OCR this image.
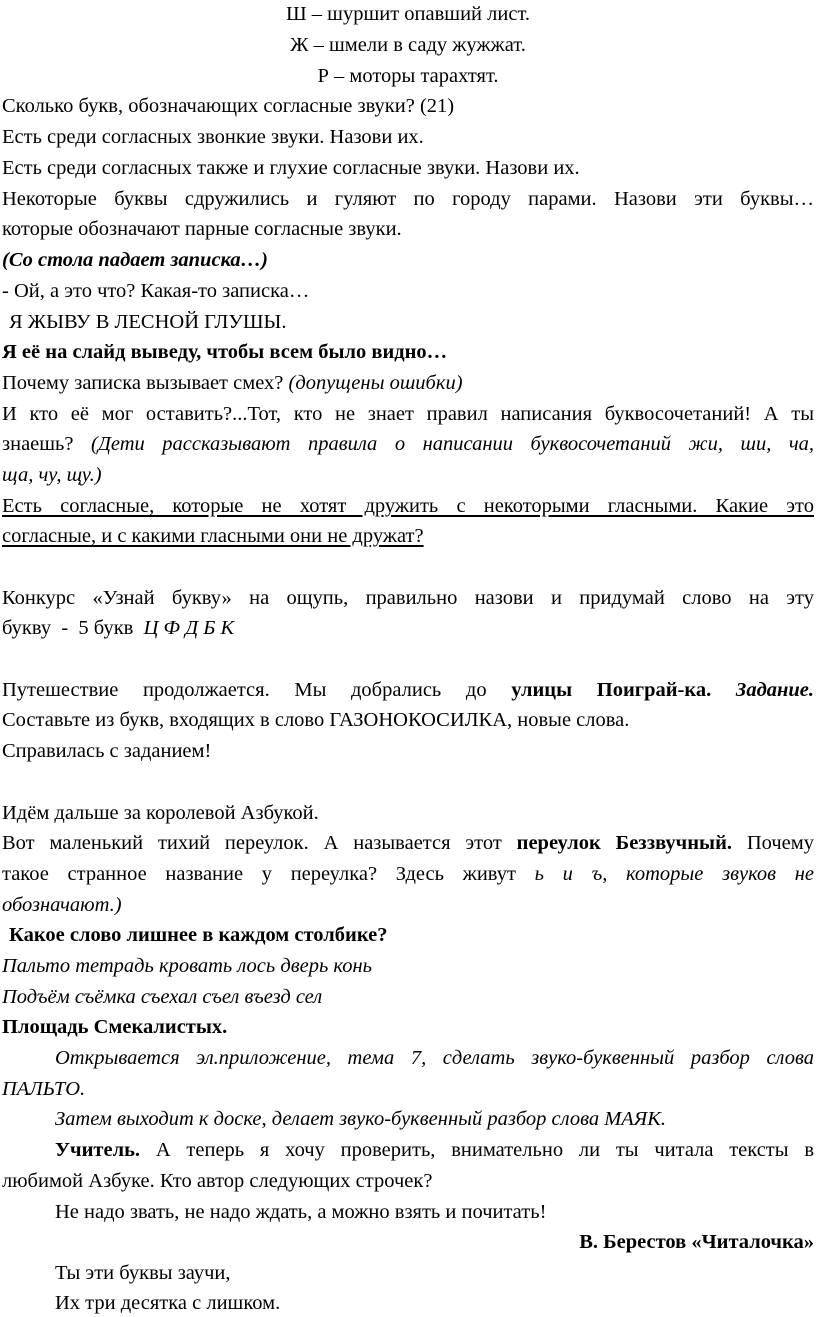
Ш – шуршит опавший лист.
Ж – шмели в саду жужжат.
Р – моторы тарахтят.
Сколько букв, обозначающих согласные звуки? (21)
Есть среди согласных звонкие звуки. Назови их.
Есть среди согласных также и глухие согласные звуки. Назови их.
Некоторые буквы сдружились и гуляют по городу парами. Назови эти буквы…
которые обозначают парные согласные звуки.
(Со стола падает записка…)
- Ой, а это что? Какая-то записка…
Я ЖЫВУ В ЛЕСНОЙ ГЛУШЫ.
Я её на слайд выведу, чтобы всем было видно…
Почему записка вызывает смех? (допущены ошибки)
И кто её мог оставить?...Тот, кто не знает правил написания буквосочетаний! А ты
знаешь? (Дети рассказывают правила о написании буквосочетаний жи, ши, ча,
ща, чу, щу.)
Есть согласные, которые не хотят дружить с некоторыми гласными. Какие это
согласные, и с какими гласными они не дружат?
Конкурс «Узнай букву» на ощупь, правильно назови и придумай слово на эту
букву  -  5 букв  Ц Ф Д Б К
Путешествие продолжается. Мы добрались до улицы Поиграй-ка. Задание.
Составьте из букв, входящих в слово ГАЗОНОКОСИЛКА, новые слова.
Справилась с заданием!
Идём дальше за королевой Азбукой.
Вот маленький тихий переулок. А называется этот переулок Беззвучный. Почему
такое странное название у переулка? Здесь живут ь и ъ, которые звуков не
обозначают.)
Какое слово лишнее в каждом столбике?
Пальто тетрадь кровать лось дверь конь
Подъём съёмка съехал съел въезд сел
Площадь Смекалистых.
Открывается эл.приложение, тема 7, сделать звуко-буквенный разбор слова
ПАЛЬТО.
Затем выходит к доске, делает звуко-буквенный разбор слова МАЯК.
Учитель. А теперь я хочу проверить, внимательно ли ты читала тексты в
любимой Азбуке. Кто автор следующих строчек?
Не надо звать, не надо ждать, а можно взять и почитать!
В. Берестов «Читалочка»
Ты эти буквы заучи,
Их три десятка с лишком.
